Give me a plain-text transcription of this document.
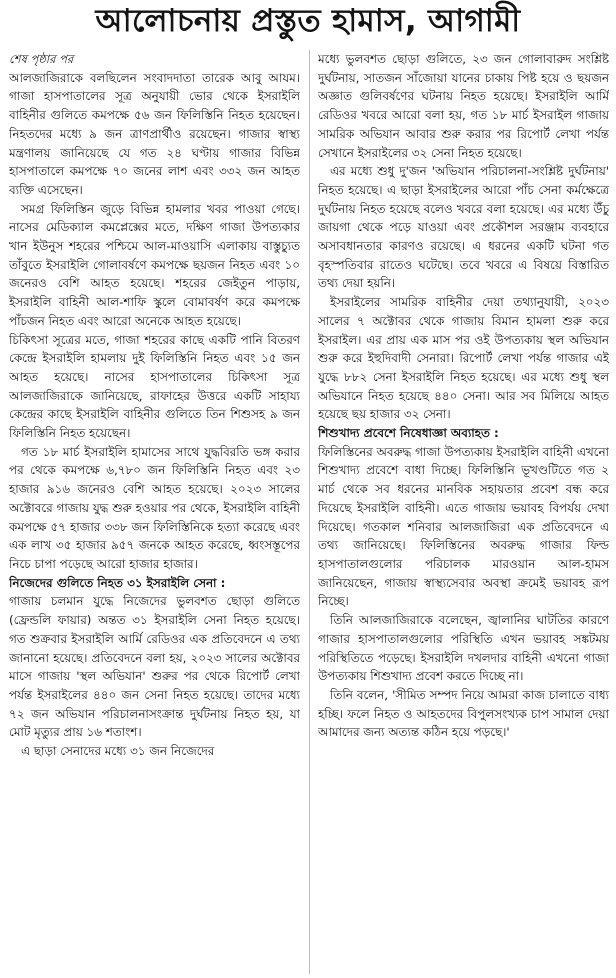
আলোচনায় প্রস্তুত হামাস, আগামী

শেষ পৃষ্ঠার পর

আলজাজিরাকে বলছিলেন সংবাদদাতা তারেক আবু আযম। গাজা হাসপাতালের সূত্র অনুযায়ী ভোর থেকে ইসরাইলি বাহিনীর গুলিতে কমপক্ষে ৫৬ জন ফিলিস্তিনি নিহত হয়েছেন। নিহতদের মধ্যে ৯ জন ত্রাণপ্রার্থীও রয়েছেন। গাজার স্বাস্থ্য মন্ত্রণালয় জানিয়েছে যে গত ২৪ ঘণ্টায় গাজার বিভিন্ন হাসপাতালে কমপক্ষে ৭০ জনের লাশ এবং ৩৩২ জন আহত ব্যক্তি এসেছেন।

সমগ্র ফিলিস্তিন জুড়ে বিভিন্ন হামলার খবর পাওয়া গেছে। নাসের মেডিক্যাল কমপ্লেক্সের মতে, দক্ষিণ গাজা উপত্যকার খান ইউনুস শহরের পশ্চিমে আল-মাওয়াসি এলাকায় বাস্তুচ্যুত তাঁবুতে ইসরাইলি গোলাবর্ষণে কমপক্ষে ছয়জন নিহত এবং ১০ জনেরও বেশি আহত হয়েছে। শহরের জেইতুন পাড়ায়, ইসরাইলি বাহিনী আল-শাফি স্কুলে বোমাবর্ষণ করে কমপক্ষে পাঁচজন নিহত এবং আরো অনেকে আহত হয়েছে।

চিকিৎসা সূত্রের মতে, গাজা শহরের কাছে একটি পানি বিতরণ কেন্দ্রে ইসরাইলি হামলায় দুই ফিলিস্তিনি নিহত এবং ১৫ জন আহত হয়েছে। নাসের হাসপাতালের চিকিৎসা সূত্র আলজাজিরাকে জানিয়েছে, রাফাহের উত্তরে একটি সাহায্য কেন্দ্রের কাছে ইসরাইলি বাহিনীর গুলিতে তিন শিশুসহ ৯ জন ফিলিস্তিনি নিহত হয়েছেন।

গত ১৮ মার্চ ইসরাইলি হামাসের সাথে যুদ্ধবিরতি ভঙ্গ করার পর থেকে কমপক্ষে ৬,৭৮০ জন ফিলিস্তিনি নিহত এবং ২৩ হাজার ৯১৬ জনেরও বেশি আহত হয়েছে। ২০২৩ সালের অক্টোবরে গাজায় যুদ্ধ শুরু হওয়ার পর থেকে, ইসরাইলি বাহিনী কমপক্ষে ৫৭ হাজার ৩৩৮ জন ফিলিস্তিনিকে হত্যা করেছে এবং এক লাখ ৩৫ হাজার ৯৫৭ জনকে আহত করেছে, ধ্বংসস্তূপের নিচে চাপা পড়েছে আরো হাজার হাজার।

নিজেদের গুলিতে নিহত ৩১ ইসরাইলি সেনা :

গাজায় চলমান যুদ্ধে নিজেদের ভুলবশত ছোড়া গুলিতে (ফ্রেন্ডলি ফায়ার) অন্তত ৩১ ইসরাইলি সেনা নিহত হয়েছে। গত শুক্রবার ইসরাইলি আর্মি রেডিওর এক প্রতিবেদনে এ তথ্য জানানো হয়েছে। প্রতিবেদনে বলা হয়, ২০২৩ সালের অক্টোবর মাসে গাজায় 'স্থল অভিযান' শুরুর পর থেকে রিপোর্ট লেখা পর্যন্ত ইসরাইলের ৪৪০ জন সেনা নিহত হয়েছে। তাদের মধ্যে ৭২ জন অভিযান পরিচালনাসংক্রান্ত দুর্ঘটনায় নিহত হয়, যা মোট মৃত্যুর প্রায় ১৬ শতাংশ।

এ ছাড়া সেনাদের মধ্যে ৩১ জন নিজেদের

মধ্যে ভুলবশত ছোড়া গুলিতে, ২৩ জন গোলাবারুদ সংশ্লিষ্ট দুর্ঘটনায়, সাতজন সাঁজোয়া যানের চাকায় পিষ্ট হয়ে ও ছয়জন অজ্ঞাত গুলিবর্ষণের ঘটনায় নিহত হয়েছে। ইসরাইলি আর্মি রেডিওর খবরে আরো বলা হয়, গত ১৮ মার্চ ইসরাইল গাজায় সামরিক অভিযান আবার শুরু করার পর রিপোর্ট লেখা পর্যন্ত সেখানে ইসরাইলের ৩২ সেনা নিহত হয়েছে।

এর মধ্যে শুধু দু'জন 'অভিযান পরিচালনা-সংশ্লিষ্ট দুর্ঘটনায়' নিহত হয়েছে। এ ছাড়া ইসরাইলের আরো পাঁচ সেনা কর্মক্ষেত্রে দুর্ঘটনায় নিহত হয়েছে বলেও খবরে বলা হয়েছে। এর মধ্যে উঁচু জায়গা থেকে পড়ে যাওয়া এবং প্রকৌশল সরঞ্জাম ব্যবহারে অসাবধানতার কারণও রয়েছে। এ ধরনের একটি ঘটনা গত বৃহস্পতিবার রাতেও ঘটেছে। তবে খবরে এ বিষয়ে বিস্তারিত তথ্য দেয়া হয়নি।

ইসরাইলের সামরিক বাহিনীর দেয়া তথ্যানুযায়ী, ২০২৩ সালের ৭ অক্টোবর থেকে গাজায় বিমান হামলা শুরু করে ইসরাইল। এর প্রায় এক মাস পর ওই উপত্যকায় স্থল অভিযান শুরু করে ইহুদিবাদী সেনারা। রিপোর্ট লেখা পর্যন্ত গাজার এই যুদ্ধে ৮৮২ সেনা ইসরাইলি নিহত হয়েছে। এর মধ্যে শুধু স্থল অভিযানে নিহত হয়েছে ৪৪০ সেনা। আর সব মিলিয়ে আহত হয়েছে ছয় হাজার ৩২ সেনা।

শিশুখাদ্য প্রবেশে নিষেধাজ্ঞা অব্যাহত :

ফিলিস্তিনের অবরুদ্ধ গাজা উপত্যকায় ইসরাইলি বাহিনী এখনো শিশুখাদ্য প্রবেশে বাধা দিচ্ছে। ফিলিস্তিনি ভূখণ্ডটিতে গত ২ মার্চ থেকে সব ধরনের মানবিক সহায়তার প্রবেশ বন্ধ করে দিয়েছে ইসরাইলি বাহিনী। এতে গাজায় ভয়াবহ বিপর্যয় দেখা দিয়েছে। গতকাল শনিবার আলজাজিরা এক প্রতিবেদনে এ তথ্য জানিয়েছে। ফিলিস্তিনের অবরুদ্ধ গাজার ফিল্ড হাসপাতালগুলোর পরিচালক মারওয়ান আল-হামস জানিয়েছেন, গাজায় স্বাস্থ্যসেবার অবস্থা ক্রমেই ভয়াবহ রূপ নিচ্ছে।

তিনি আলজাজিরাকে বলেছেন, জ্বালানির ঘাটতির কারণে গাজার হাসপাতালগুলোর পরিস্থিতি এখন ভয়াবহ সঙ্কটময় পরিস্থিতিতে পড়েছে। ইসরাইলি দখলদার বাহিনী এখনো গাজা উপত্যকায় শিশুখাদ্য প্রবেশ করতে দিচ্ছে না।

তিনি বলেন, 'সীমিত সম্পদ নিয়ে আমরা কাজ চালাতে বাধ্য হচ্ছি। ফলে নিহত ও আহতদের বিপুলসংখ্যক চাপ সামাল দেয়া আমাদের জন্য অত্যন্ত কঠিন হয়ে পড়ছে।'
